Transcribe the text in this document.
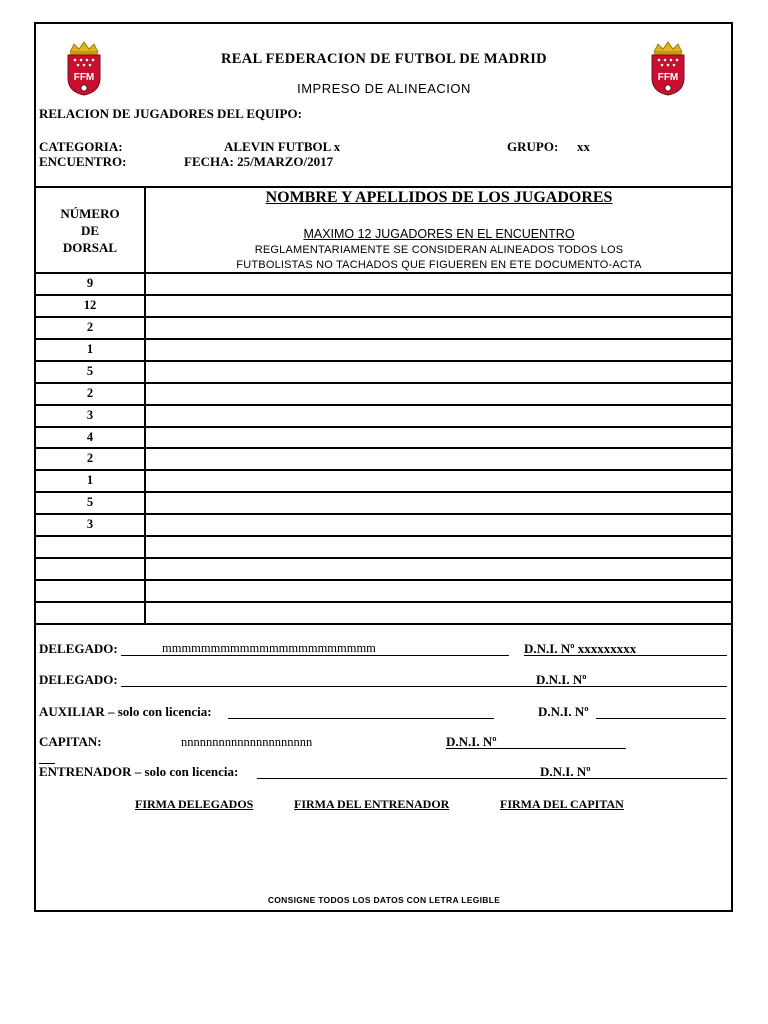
FFM	FFM
REAL FEDERACION DE FUTBOL DE MADRID
IMPRESO DE ALINEACION
RELACION DE JUGADORES DEL EQUIPO:
CATEGORIA:	ALEVIN FUTBOL x	GRUPO: xx
ENCUENTRO:	FECHA: 25/MARZO/2017
NÚMERO
DE
DORSAL
NOMBRE Y APELLIDOS DE LOS JUGADORES
MAXIMO 12 JUGADORES EN EL ENCUENTRO
REGLAMENTARIAMENTE SE CONSIDERAN ALINEADOS TODOS LOS
FUTBOLISTAS NO TACHADOS QUE FIGUEREN EN ETE DOCUMENTO-ACTA
9
12
2
1
5
2
3
4
2
1
5
3
DELEGADO:	mmmmmmmmmmmmmmmmmmmmmm	D.N.I. Nº xxxxxxxxx
DELEGADO:	D.N.I. Nº
AUXILIAR – solo con licencia:	D.N.I. Nº
CAPITAN:	nnnnnnnnnnnnnnnnnnnnn	D.N.I. Nº
ENTRENADOR – solo con licencia:	D.N.I. Nº
FIRMA DELEGADOS	FIRMA DEL ENTRENADOR	FIRMA DEL CAPITAN
CONSIGNE TODOS LOS DATOS CON LETRA LEGIBLE
